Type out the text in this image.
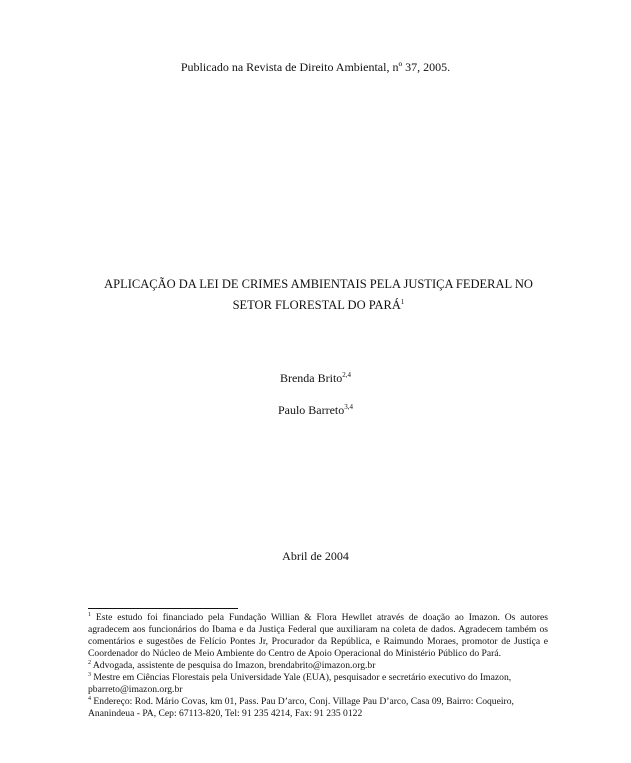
Publicado na Revista de Direito Ambiental, nº 37, 2005.
APLICAÇÃO DA LEI DE CRIMES AMBIENTAIS PELA JUSTIÇA FEDERAL NO
SETOR FLORESTAL DO PARÁ$^1$
Brenda Brito$^{2,4}$
Paulo Barreto$^{3,4}$
Abril de 2004

$^1$ Este estudo foi financiado pela Fundação Willian & Flora Hewllet através de doação ao Imazon. Os autores agradecem aos funcionários do Ibama e da Justiça Federal que auxiliaram na coleta de dados. Agradecem também os comentários e sugestões de Felício Pontes Jr, Procurador da República, e Raimundo Moraes, promotor de Justiça e Coordenador do Núcleo de Meio Ambiente do Centro de Apoio Operacional do Ministério Público do Pará.

$^2$ Advogada, assistente de pesquisa do Imazon, brendabrito@imazon.org.br

$^3$ Mestre em Ciências Florestais pela Universidade Yale (EUA), pesquisador e secretário executivo do Imazon, pbarreto@imazon.org.br

$^4$ Endereço: Rod. Mário Covas, km 01, Pass. Pau D’arco, Conj. Village Pau D’arco, Casa 09, Bairro: Coqueiro, Ananindeua - PA, Cep: 67113-820, Tel: 91 235 4214, Fax: 91 235 0122
